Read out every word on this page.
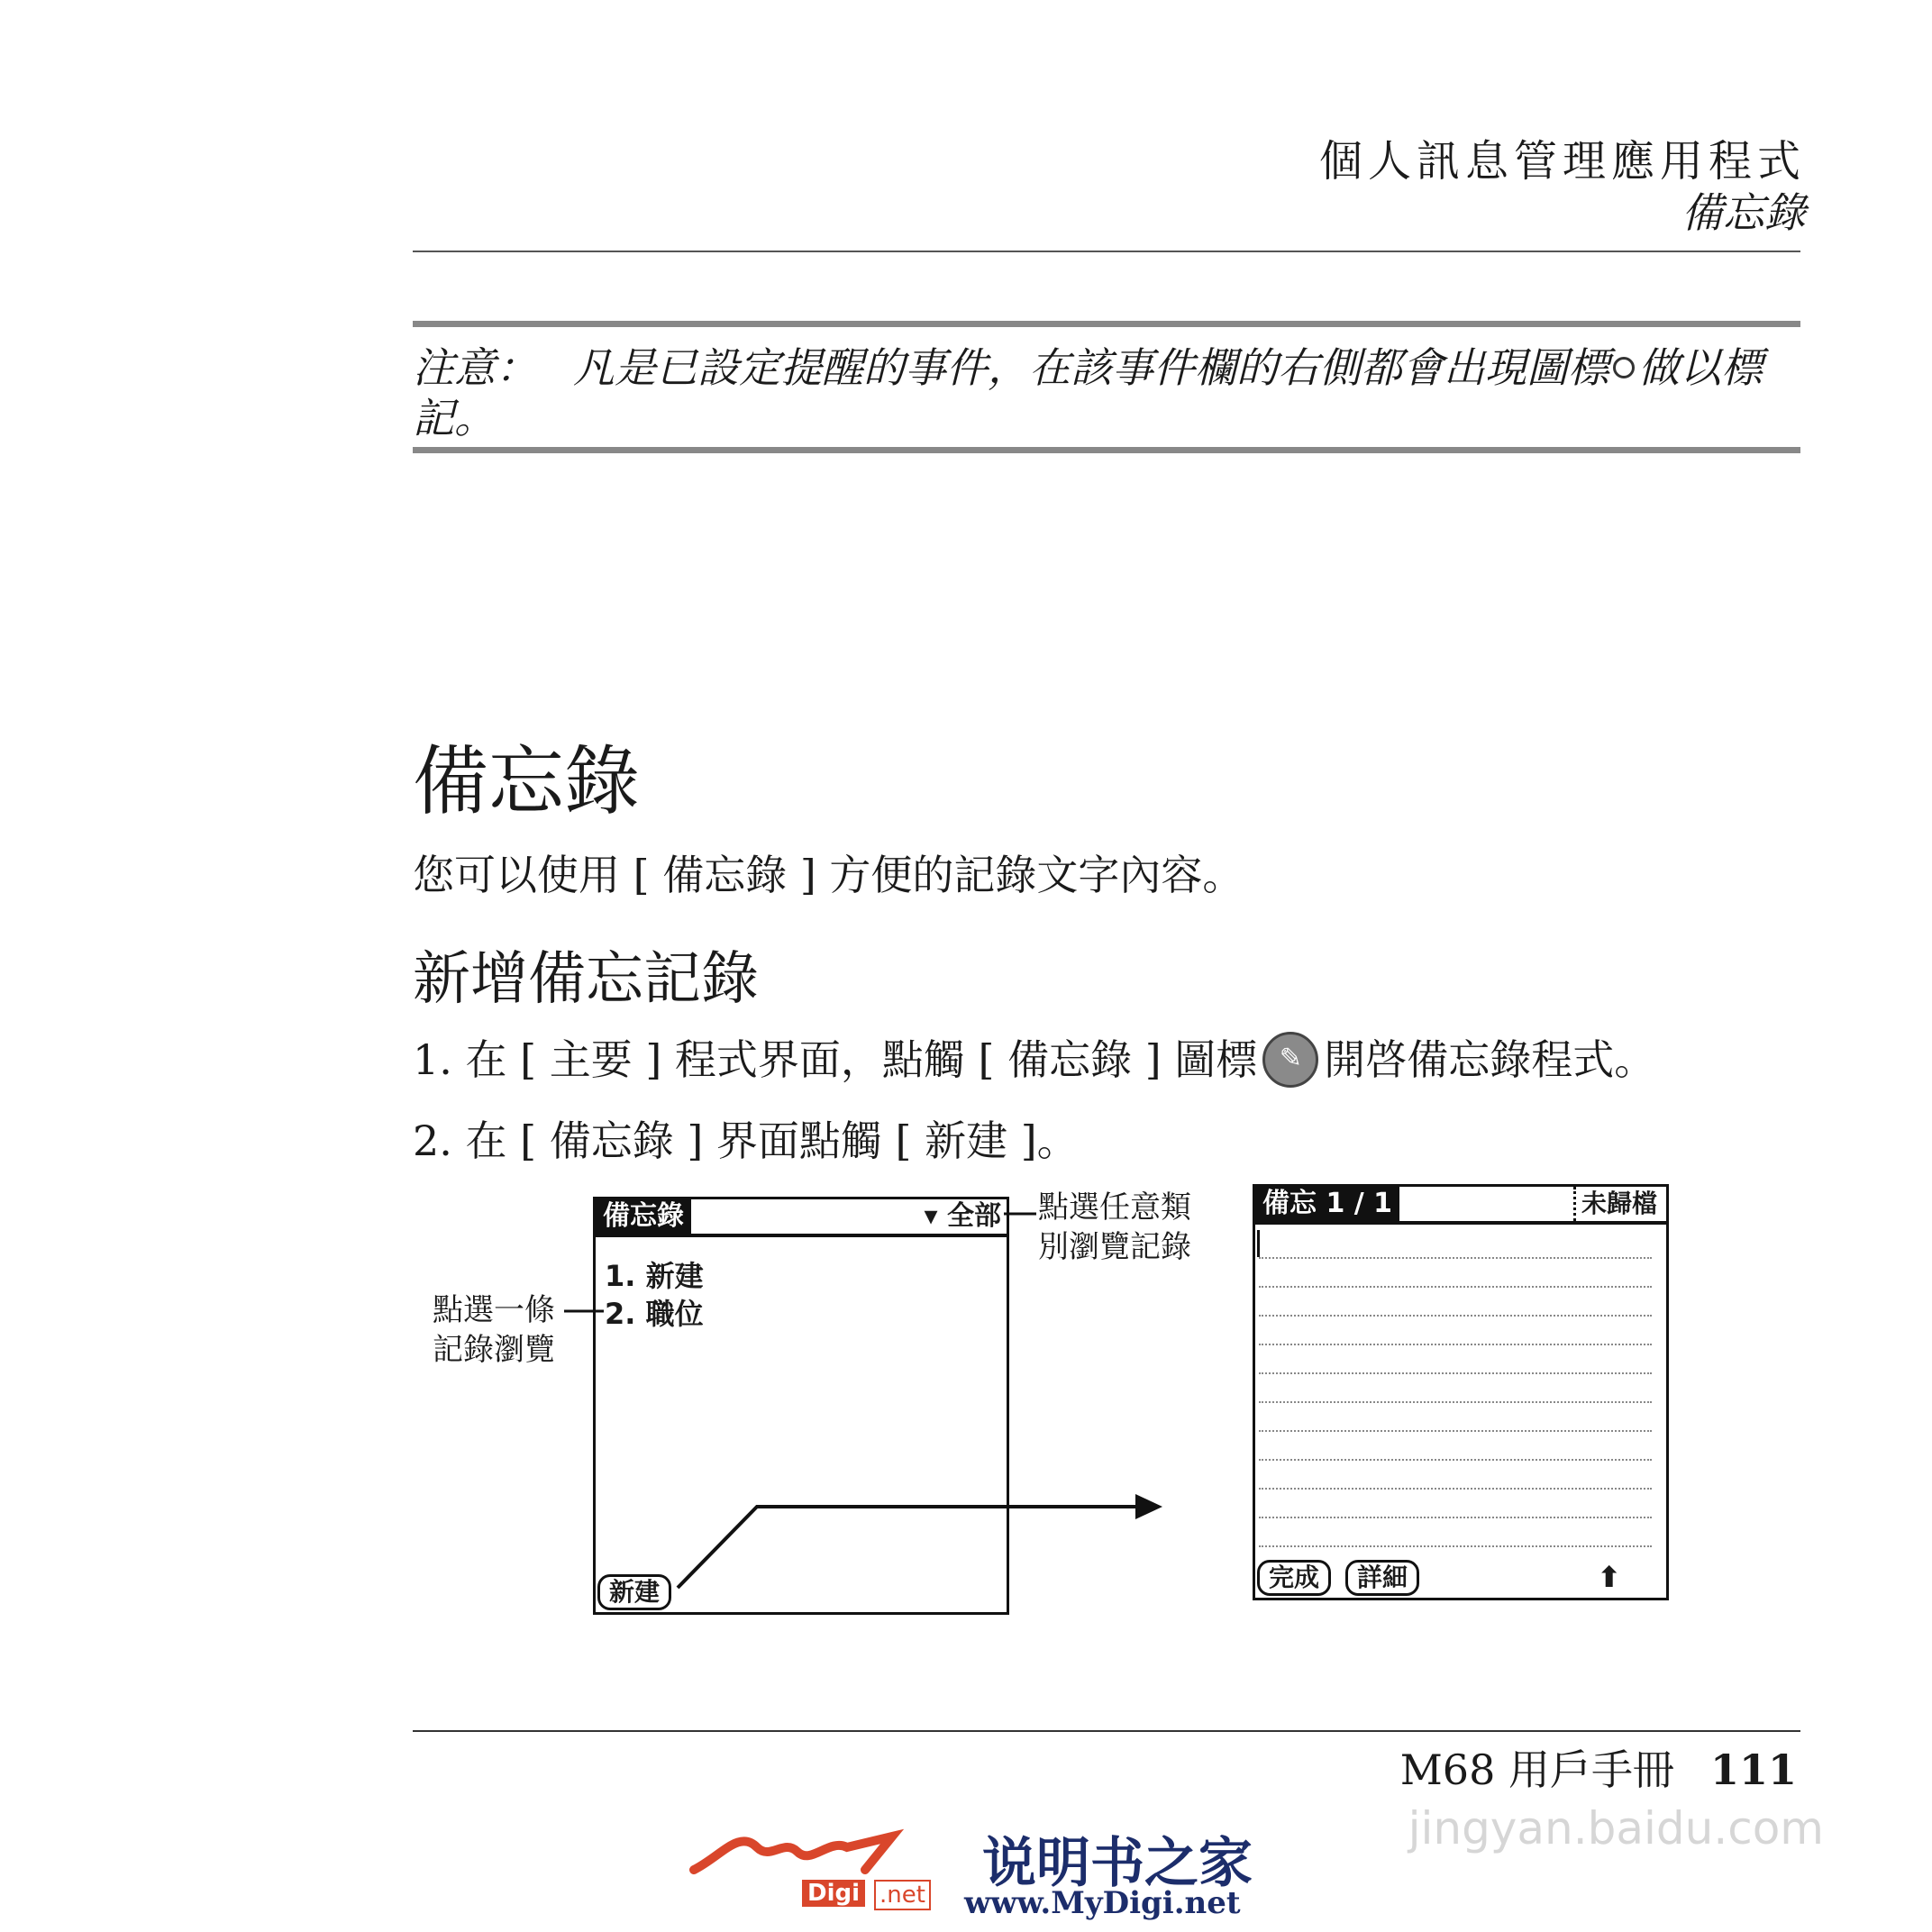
個人訊息管理應用程式
備忘錄
注意： 凡是已設定提醒的事件，在該事件欄的右側都會出現圖標 做以標記。
備忘錄
您可以使用 [ 備忘錄 ] 方便的記錄文字內容。
新增備忘記錄
1. 在 [ 主要 ] 程式界面，點觸 [ 備忘錄 ] 圖標 ✎ 開啓備忘錄程式。
2. 在 [ 備忘錄 ] 界面點觸 [ 新建 ]。
備忘錄	▾ 全部
1. 新建
2. 職位
新建
備忘 1 / 1	未歸檔
完成	詳細	⬆
點選任意類
別瀏覽記錄
點選一條
記錄瀏覽
M68 用戶手冊 111
jingyan.baidu.com
Digi .net 说明书之家
www.MyDigi.net
